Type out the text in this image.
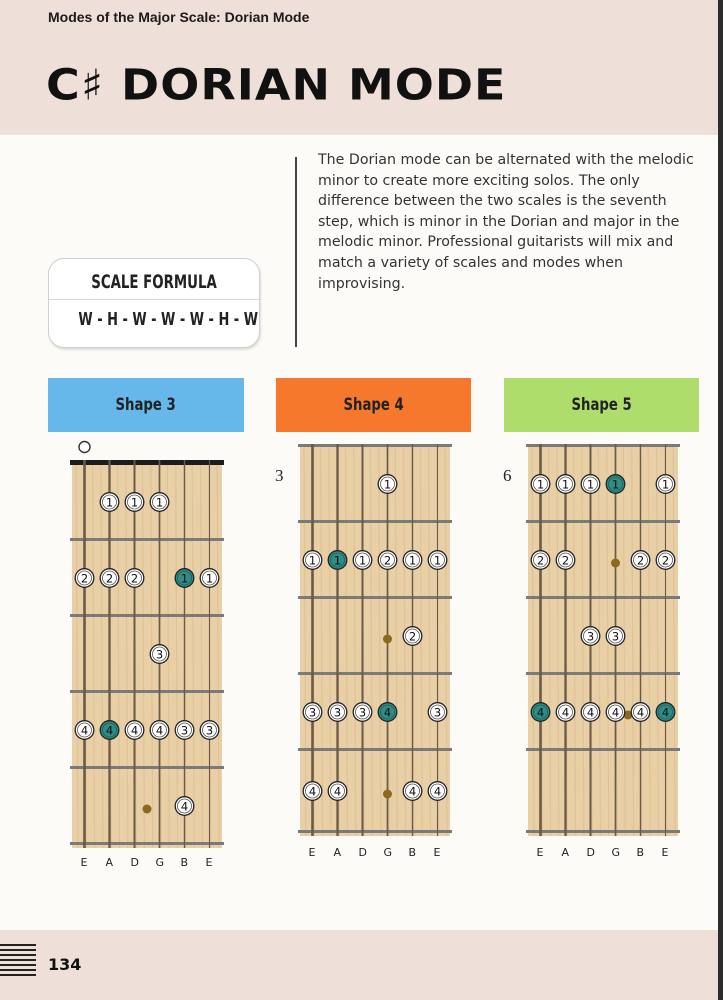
Modes of the Major Scale: Dorian Mode
C♯ DORIAN MODE
SCALE FORMULA
W - H - W - W - W - H - W
The Dorian mode can be alternated with the melodic minor to create more exciting solos. The only difference between the two scales is the seventh step, which is minor in the Dorian and major in the melodic minor. Professional guitarists will mix and match a variety of scales and modes when improvising.
Shape 3	Shape 4	Shape 5
3	6
1 1 1
2 2 2	1 1
3
4 4 4 4 3 3
4
1
1 1 1 2 1 1
2
3 3 3 4	3
4 4	4 4
1 1 1 1	1
2 2	2 2
3 3
4 4 4 4 4 4
E A D G B E
E A D G B E	E A D G B E
134
